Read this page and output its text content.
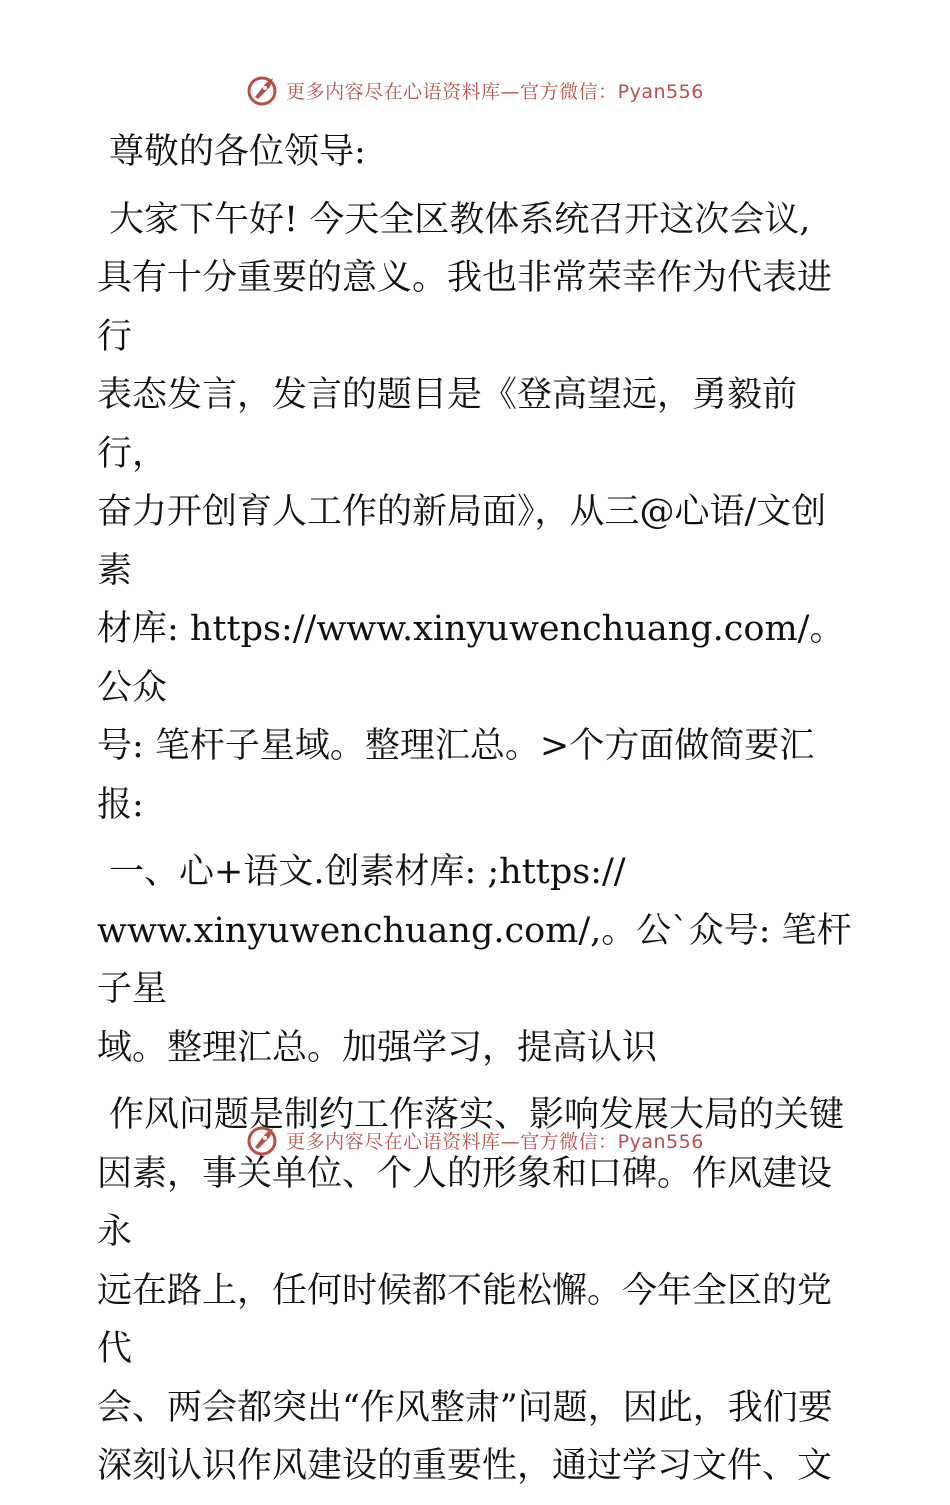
更多内容尽在心语资料库—官方微信：Pyan556

尊敬的各位领导:

大家下午好! 今天全区教体系统召开这次会议,
具有十分重要的意义。我也非常荣幸作为代表进行
表态发言，发言的题目是《登高望远，勇毅前行，
奋力开创育人工作的新局面》，从三@心语/文创素
材库: https://www.xinyuwenchuang.com/。公众
号: 笔杆子星域。整理汇总。>个方面做简要汇
报:

一、心+语文.创素材库: ;https://
www.xinyuwenchuang.com/,。公`众号: 笔杆子星
域。整理汇总。加强学习，提高认识

作风问题是制约工作落实、影响发展大局的关键
因素，事关单位、个人的形象和口碑。作风建设永
远在路上，任何时候都不能松懈。今年全区的党代
会、两会都突出“作风整肃”问题，因此，我们要
深刻认识作风建设的重要性，通过学习文件、文

更多内容尽在心语资料库—官方微信：Pyan556
